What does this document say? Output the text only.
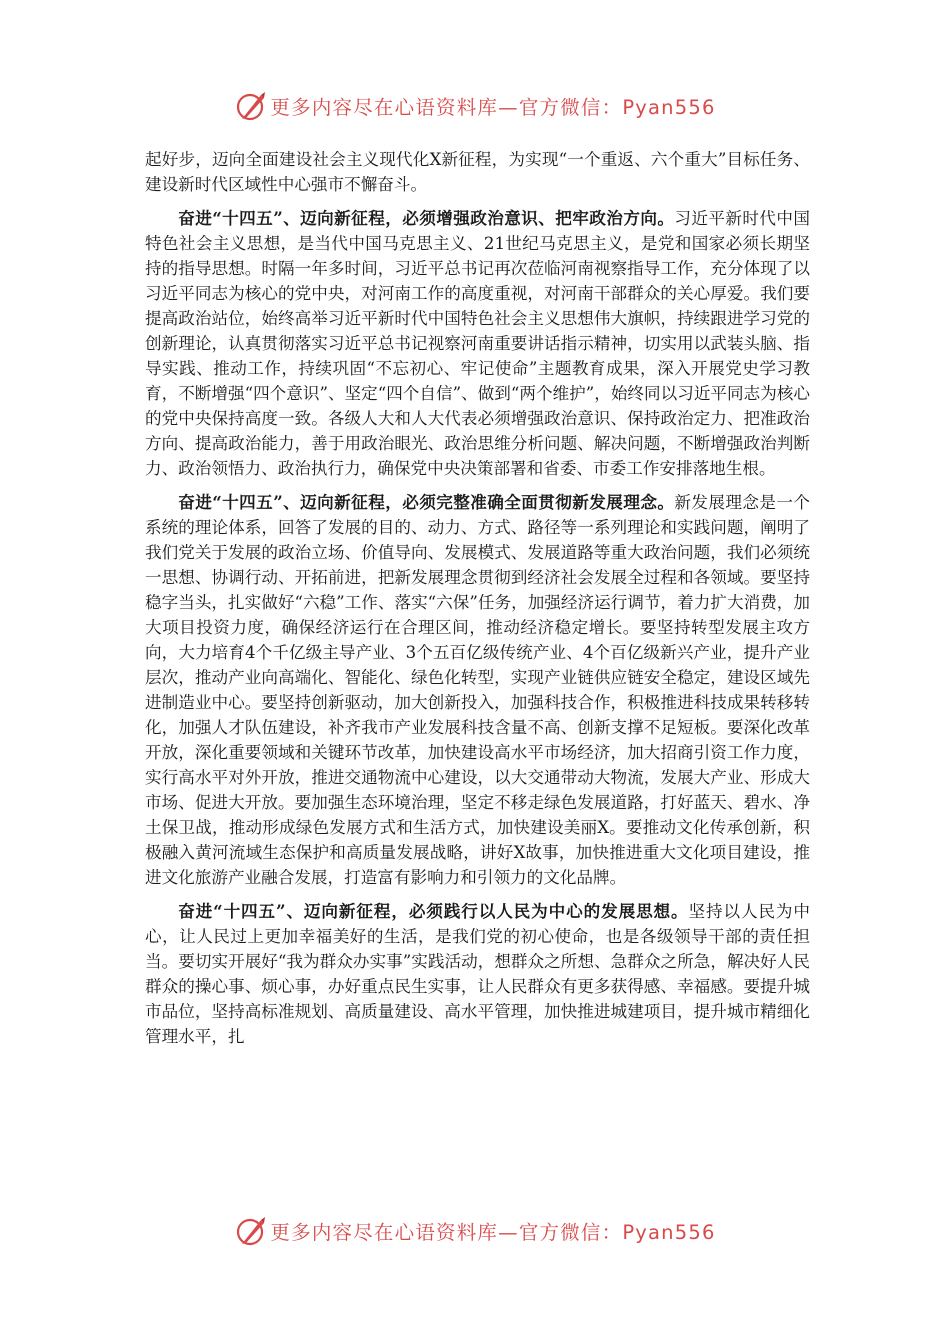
更多内容尽在心语资料库—官方微信：Pyan556

起好步，迈向全面建设社会主义现代化X新征程，为实现“一个重返、六个重大”目标任务、建设新时代区域性中心强市不懈奋斗。

奋进“十四五”、迈向新征程，必须增强政治意识、把牢政治方向。习近平新时代中国特色社会主义思想，是当代中国马克思主义、21世纪马克思主义，是党和国家必须长期坚持的指导思想。时隔一年多时间，习近平总书记再次莅临河南视察指导工作，充分体现了以习近平同志为核心的党中央，对河南工作的高度重视，对河南干部群众的关心厚爱。我们要提高政治站位，始终高举习近平新时代中国特色社会主义思想伟大旗帜，持续跟进学习党的创新理论，认真贯彻落实习近平总书记视察河南重要讲话指示精神，切实用以武装头脑、指导实践、推动工作，持续巩固“不忘初心、牢记使命”主题教育成果，深入开展党史学习教育，不断增强“四个意识”、坚定“四个自信”、做到“两个维护”，始终同以习近平同志为核心的党中央保持高度一致。各级人大和人大代表必须增强政治意识、保持政治定力、把准政治方向、提高政治能力，善于用政治眼光、政治思维分析问题、解决问题，不断增强政治判断力、政治领悟力、政治执行力，确保党中央决策部署和省委、市委工作安排落地生根。

奋进“十四五”、迈向新征程，必须完整准确全面贯彻新发展理念。新发展理念是一个系统的理论体系，回答了发展的目的、动力、方式、路径等一系列理论和实践问题，阐明了我们党关于发展的政治立场、价值导向、发展模式、发展道路等重大政治问题，我们必须统一思想、协调行动、开拓前进，把新发展理念贯彻到经济社会发展全过程和各领域。要坚持稳字当头，扎实做好“六稳”工作、落实“六保”任务，加强经济运行调节，着力扩大消费，加大项目投资力度，确保经济运行在合理区间，推动经济稳定增长。要坚持转型发展主攻方向，大力培育4个千亿级主导产业、3个五百亿级传统产业、4个百亿级新兴产业，提升产业层次，推动产业向高端化、智能化、绿色化转型，实现产业链供应链安全稳定，建设区域先进制造业中心。要坚持创新驱动，加大创新投入，加强科技合作，积极推进科技成果转移转化，加强人才队伍建设，补齐我市产业发展科技含量不高、创新支撑不足短板。要深化改革开放，深化重要领域和关键环节改革，加快建设高水平市场经济，加大招商引资工作力度，实行高水平对外开放，推进交通物流中心建设，以大交通带动大物流，发展大产业、形成大市场、促进大开放。要加强生态环境治理，坚定不移走绿色发展道路，打好蓝天、碧水、净土保卫战，推动形成绿色发展方式和生活方式，加快建设美丽X。要推动文化传承创新，积极融入黄河流域生态保护和高质量发展战略，讲好X故事，加快推进重大文化项目建设，推进文化旅游产业融合发展，打造富有影响力和引领力的文化品牌。

奋进“十四五”、迈向新征程，必须践行以人民为中心的发展思想。坚持以人民为中心，让人民过上更加幸福美好的生活，是我们党的初心使命，也是各级领导干部的责任担当。要切实开展好“我为群众办实事”实践活动，想群众之所想、急群众之所急，解决好人民群众的操心事、烦心事，办好重点民生实事，让人民群众有更多获得感、幸福感。要提升城市品位，坚持高标准规划、高质量建设、高水平管理，加快推进城建项目，提升城市精细化管理水平，扎

更多内容尽在心语资料库—官方微信：Pyan556
